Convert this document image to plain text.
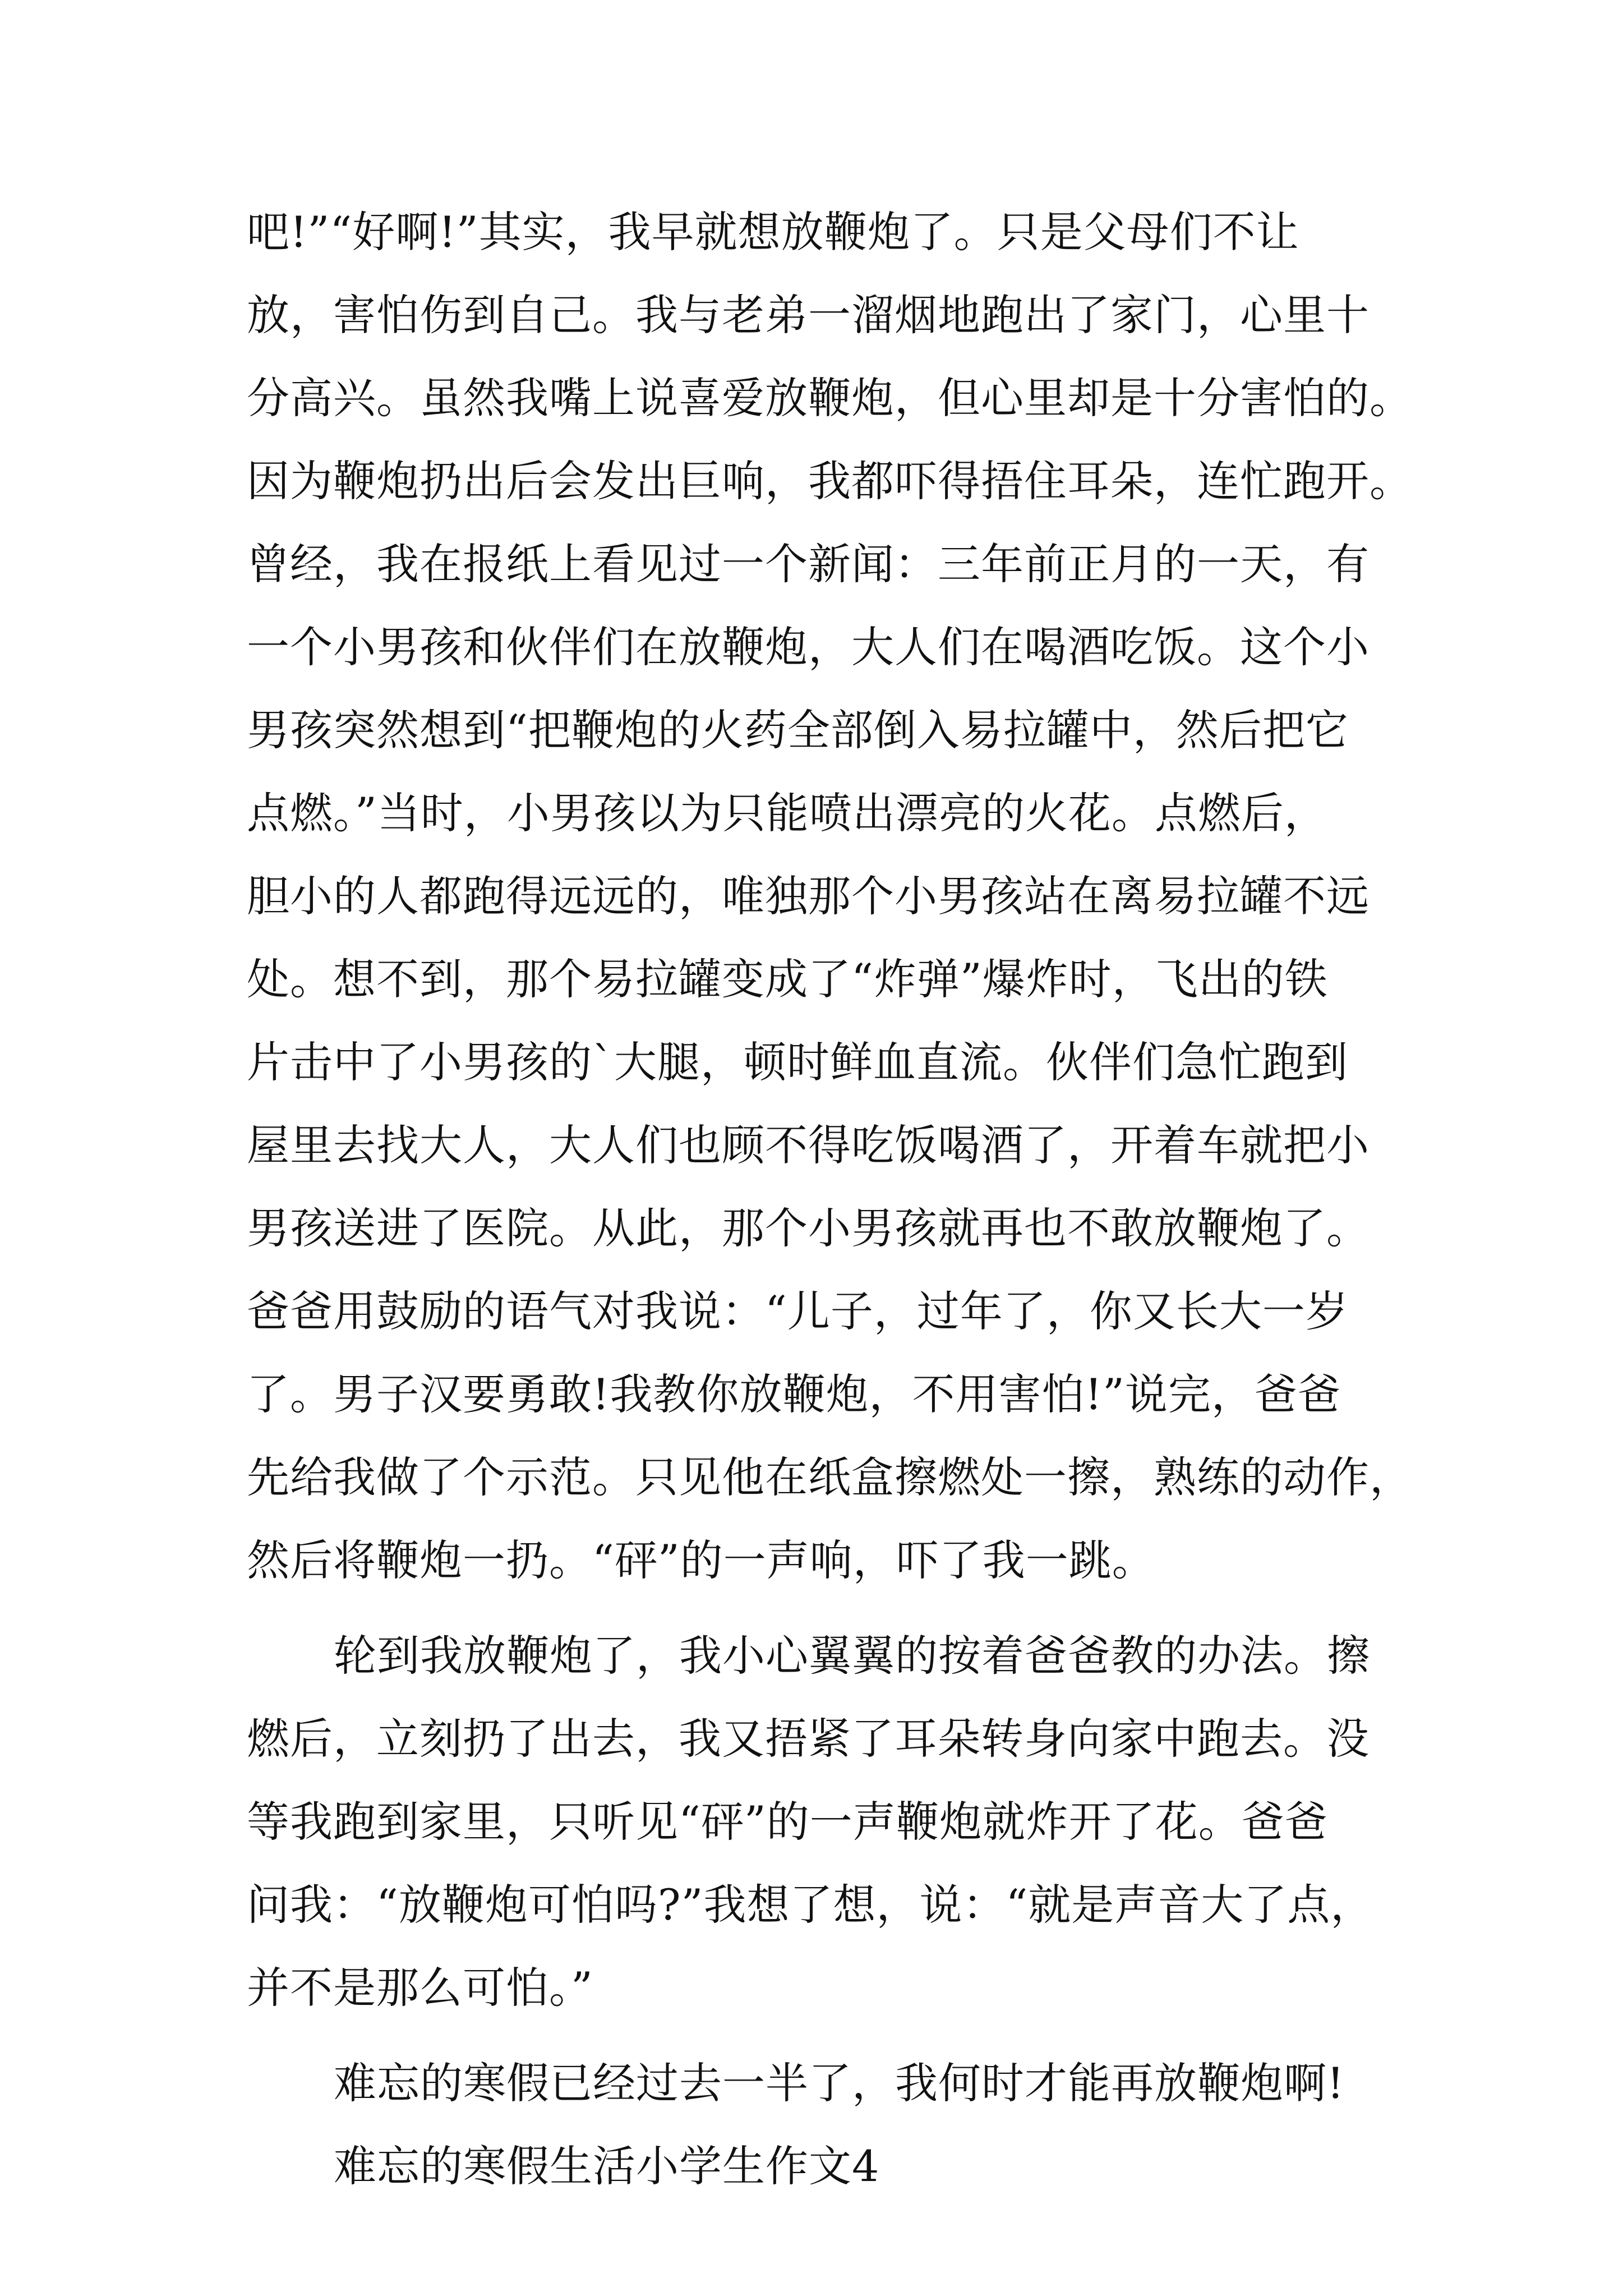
吧!”“好啊!”其实，我早就想放鞭炮了。只是父母们不让
放，害怕伤到自己。我与老弟一溜烟地跑出了家门，心里十
分高兴。虽然我嘴上说喜爱放鞭炮，但心里却是十分害怕的。
因为鞭炮扔出后会发出巨响，我都吓得捂住耳朵，连忙跑开。
曾经，我在报纸上看见过一个新闻：三年前正月的一天，有
一个小男孩和伙伴们在放鞭炮，大人们在喝酒吃饭。这个小
男孩突然想到“把鞭炮的火药全部倒入易拉罐中，然后把它
点燃。”当时，小男孩以为只能喷出漂亮的火花。点燃后，
胆小的人都跑得远远的，唯独那个小男孩站在离易拉罐不远
处。想不到，那个易拉罐变成了“炸弹”爆炸时，飞出的铁
片击中了小男孩的`大腿，顿时鲜血直流。伙伴们急忙跑到
屋里去找大人，大人们也顾不得吃饭喝酒了，开着车就把小
男孩送进了医院。从此，那个小男孩就再也不敢放鞭炮了。
爸爸用鼓励的语气对我说：“儿子，过年了，你又长大一岁
了。男子汉要勇敢!我教你放鞭炮，不用害怕!”说完，爸爸
先给我做了个示范。只见他在纸盒擦燃处一擦，熟练的动作，
然后将鞭炮一扔。“砰”的一声响，吓了我一跳。
轮到我放鞭炮了，我小心翼翼的按着爸爸教的办法。擦
燃后，立刻扔了出去，我又捂紧了耳朵转身向家中跑去。没
等我跑到家里，只听见“砰”的一声鞭炮就炸开了花。爸爸
问我：“放鞭炮可怕吗?”我想了想，说：“就是声音大了点，
并不是那么可怕。”
难忘的寒假已经过去一半了，我何时才能再放鞭炮啊!
难忘的寒假生活小学生作文4
